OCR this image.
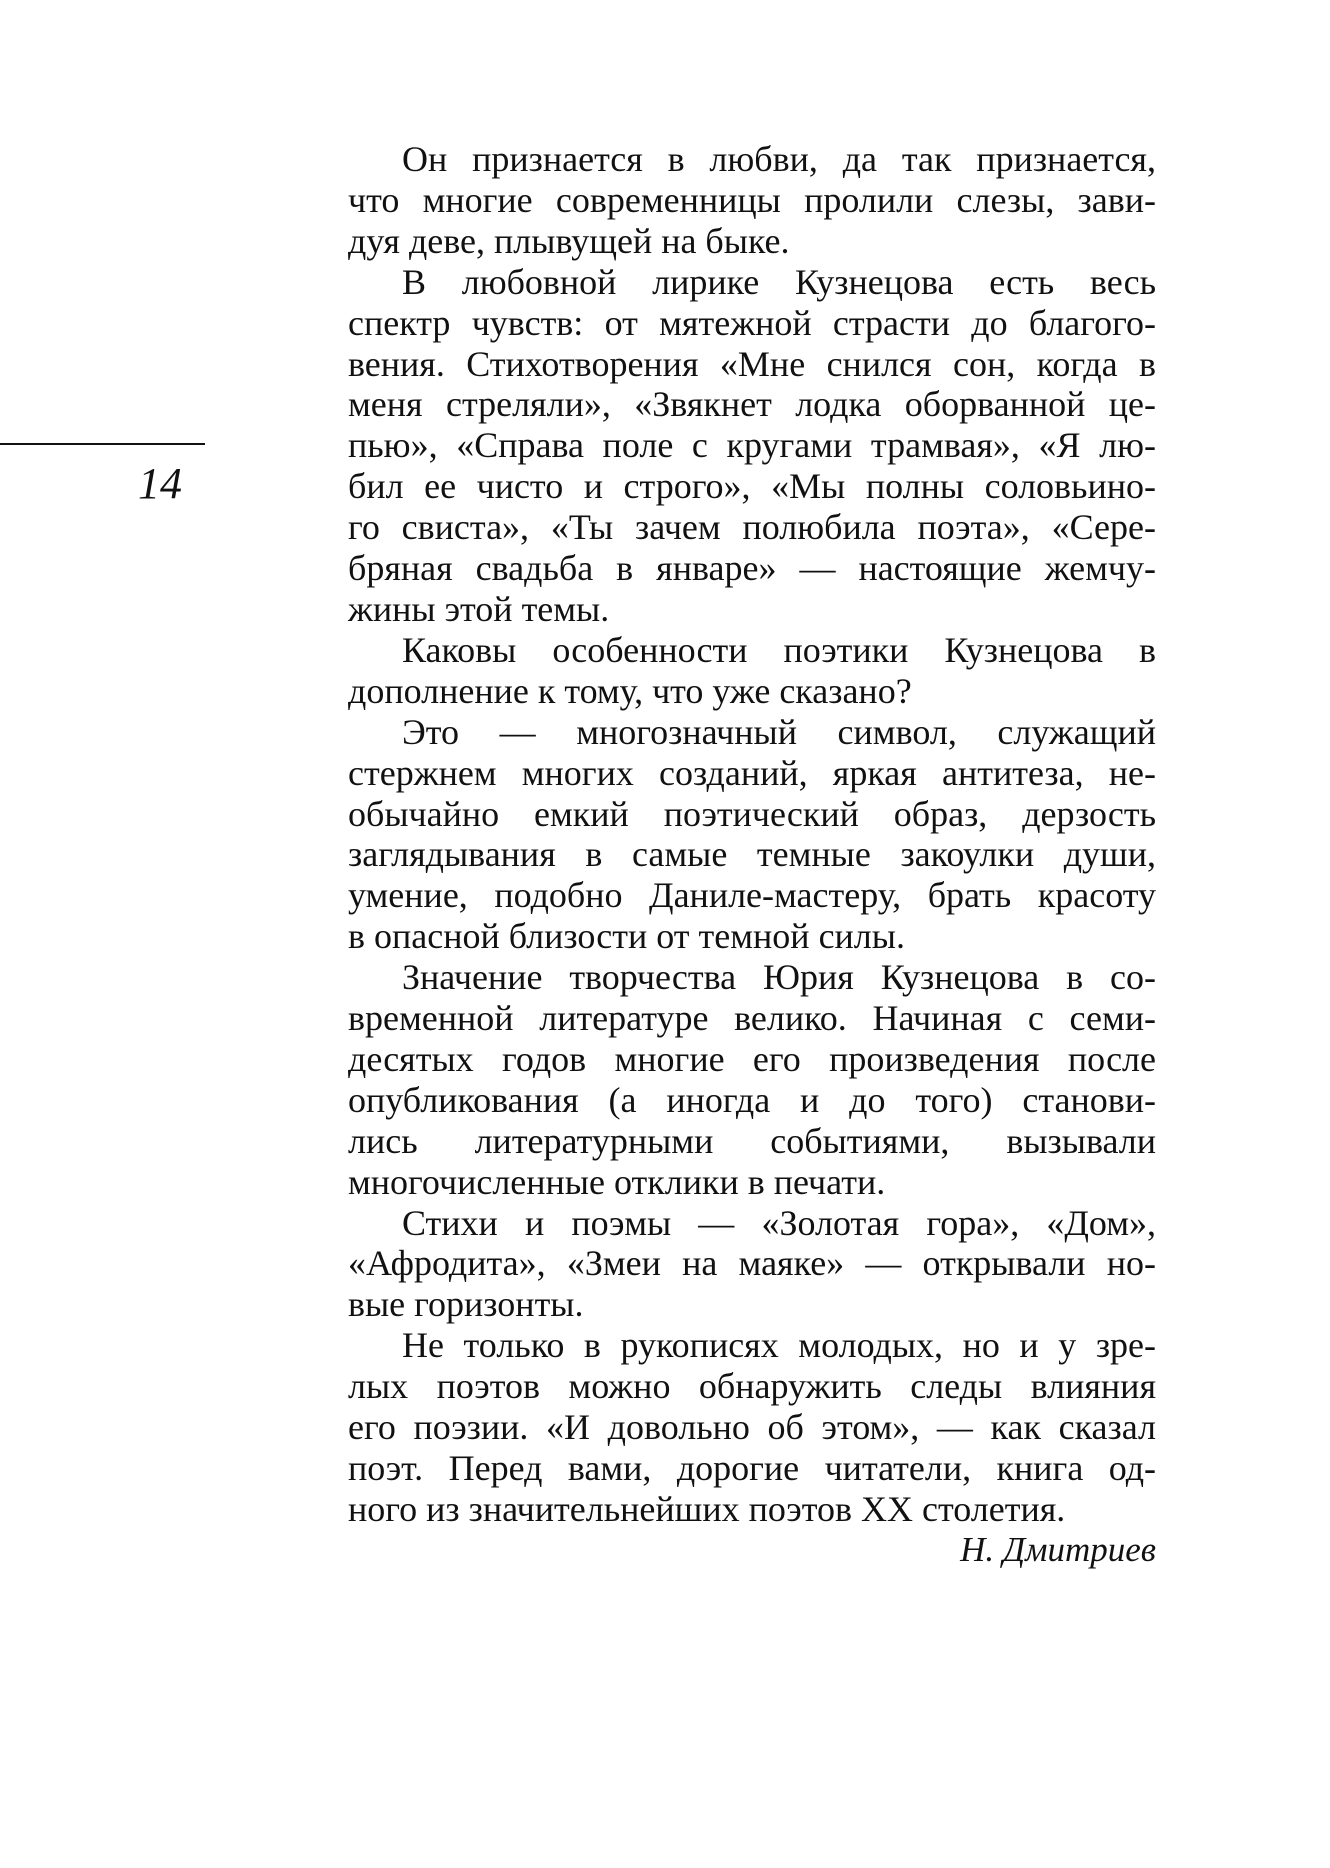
14

Он признается в любви, да так признается,
что многие современницы пролили слезы, зави-
дуя деве, плывущей на быке.
В любовной лирике Кузнецова есть весь
спектр чувств: от мятежной страсти до благого-
вения. Стихотворения «Мне снился сон, когда в
меня стреляли», «Звякнет лодка оборванной це-
пью», «Справа поле с кругами трамвая», «Я лю-
бил ее чисто и строго», «Мы полны соловьино-
го свиста», «Ты зачем полюбила поэта», «Сере-
бряная свадьба в январе» — настоящие жемчу-
жины этой темы.
Каковы особенности поэтики Кузнецова в
дополнение к тому, что уже сказано?
Это — многозначный символ, служащий
стержнем многих созданий, яркая антитеза, не-
обычайно емкий поэтический образ, дерзость
заглядывания в самые темные закоулки души,
умение, подобно Даниле-мастеру, брать красоту
в опасной близости от темной силы.
Значение творчества Юрия Кузнецова в со-
временной литературе велико. Начиная с семи-
десятых годов многие его произведения после
опубликования (а иногда и до того) станови-
лись литературными событиями, вызывали
многочисленные отклики в печати.
Стихи и поэмы — «Золотая гора», «Дом»,
«Афродита», «Змеи на маяке» — открывали но-
вые горизонты.
Не только в рукописях молодых, но и у зре-
лых поэтов можно обнаружить следы влияния
его поэзии. «И довольно об этом», — как сказал
поэт. Перед вами, дорогие читатели, книга од-
ного из значительнейших поэтов XX столетия.

Н. Дмитриев
